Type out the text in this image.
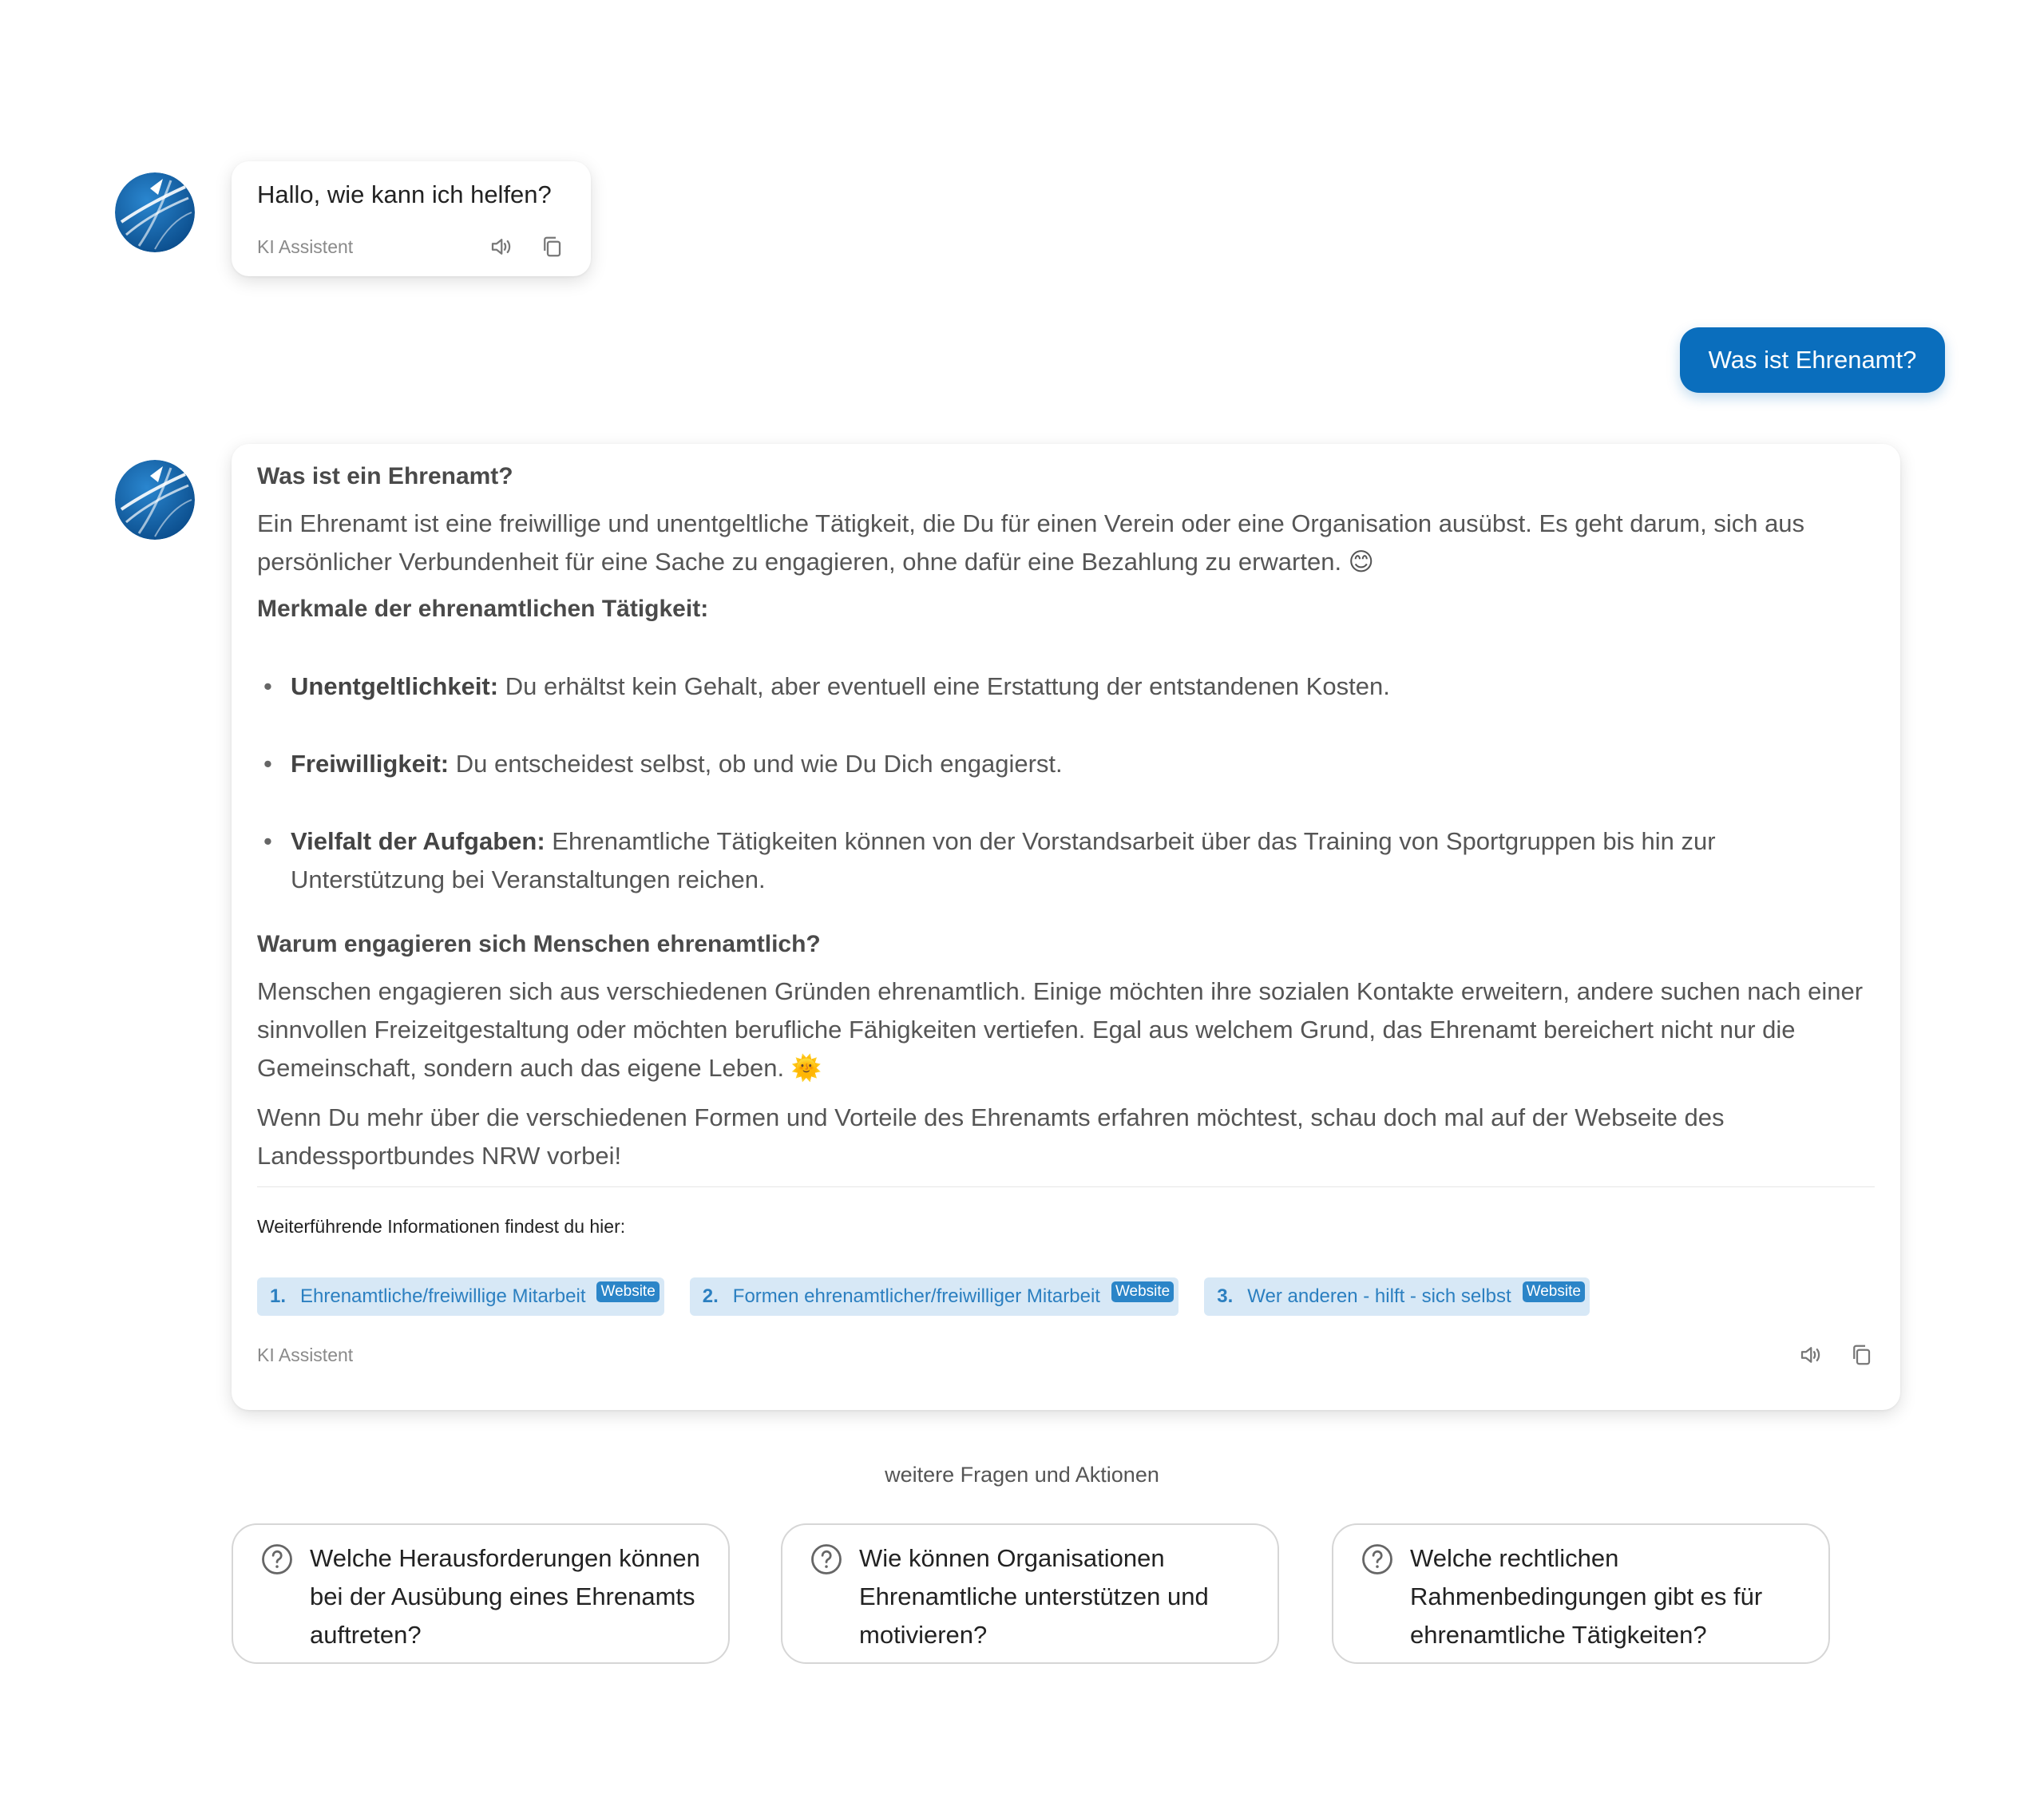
Hallo, wie kann ich helfen?
KI Assistent
Was ist Ehrenamt?
Was ist ein Ehrenamt?
Ein Ehrenamt ist eine freiwillige und unentgeltliche Tätigkeit, die Du für einen Verein oder eine Organisation ausübst. Es geht darum, sich aus persönlicher Verbundenheit für eine Sache zu engagieren, ohne dafür eine Bezahlung zu erwarten. 😊
Merkmale der ehrenamtlichen Tätigkeit:
• Unentgeltlichkeit: Du erhältst kein Gehalt, aber eventuell eine Erstattung der entstandenen Kosten.
• Freiwilligkeit: Du entscheidest selbst, ob und wie Du Dich engagierst.
• Vielfalt der Aufgaben: Ehrenamtliche Tätigkeiten können von der Vorstandsarbeit über das Training von Sportgruppen bis hin zur Unterstützung bei Veranstaltungen reichen.
Warum engagieren sich Menschen ehrenamtlich?
Menschen engagieren sich aus verschiedenen Gründen ehrenamtlich. Einige möchten ihre sozialen Kontakte erweitern, andere suchen nach einer sinnvollen Freizeitgestaltung oder möchten berufliche Fähigkeiten vertiefen. Egal aus welchem Grund, das Ehrenamt bereichert nicht nur die Gemeinschaft, sondern auch das eigene Leben. 🌞
Wenn Du mehr über die verschiedenen Formen und Vorteile des Ehrenamts erfahren möchtest, schau doch mal auf der Webseite des Landessportbundes NRW vorbei!
Weiterführende Informationen findest du hier:
1. Ehrenamtliche/freiwillige Mitarbeit Website 2. Formen ehrenamtlicher/freiwilliger Mitarbeit Website 3. Wer anderen - hilft - sich selbst Website
KI Assistent
weitere Fragen und Aktionen
Welche Herausforderungen können bei der Ausübung eines Ehrenamts auftreten?
Wie können Organisationen Ehrenamtliche unterstützen und motivieren?
Welche rechtlichen Rahmenbedingungen gibt es für ehrenamtliche Tätigkeiten?
